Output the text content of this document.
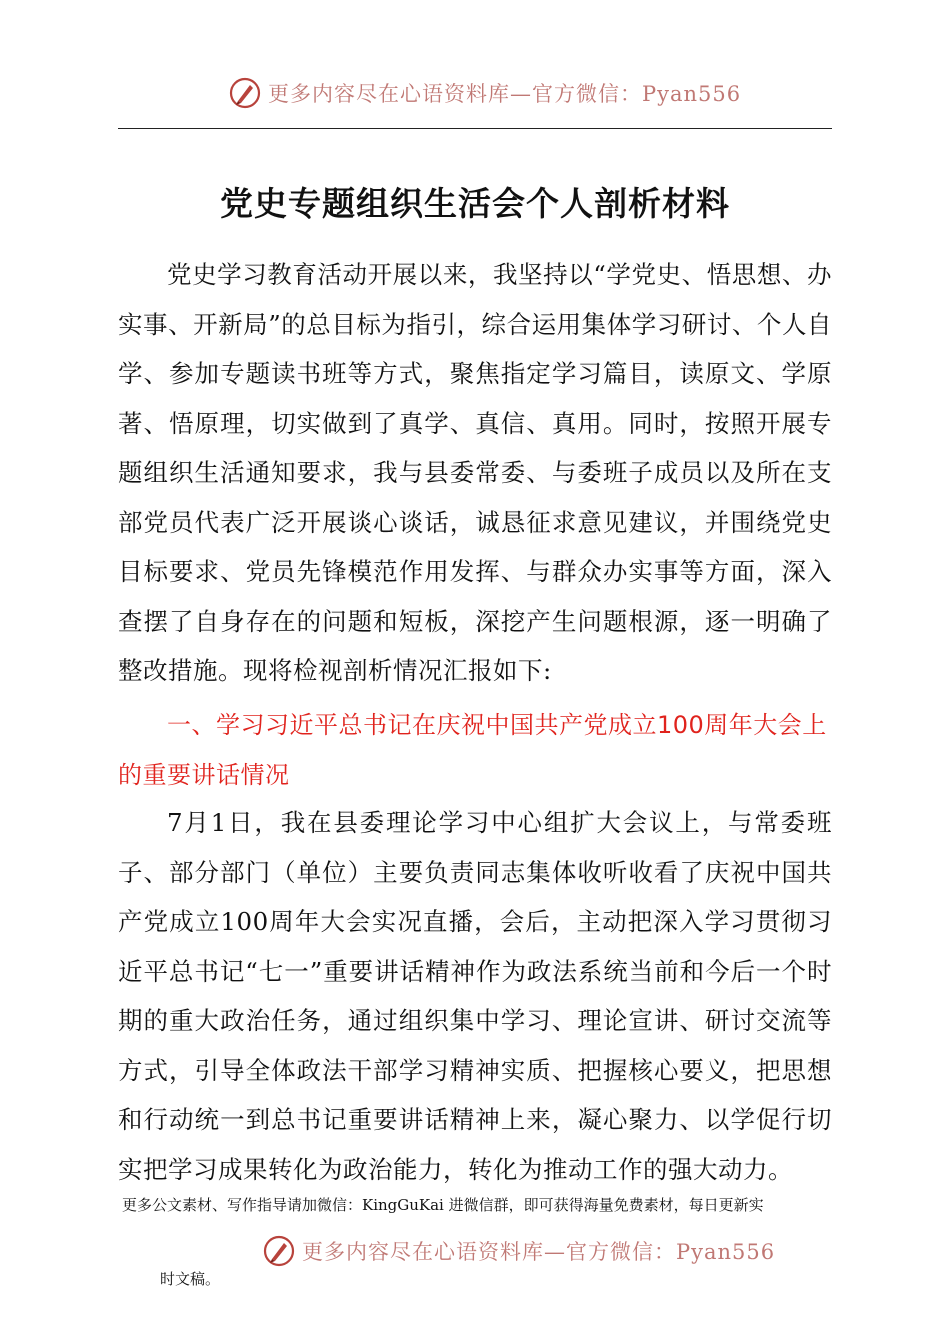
更多内容尽在心语资料库—官方微信：Pyan556
党史专题组织生活会个人剖析材料
党史学习教育活动开展以来，我坚持以“学党史、悟思想、办实事、开新局”的总目标为指引，综合运用集体学习研讨、个人自学、参加专题读书班等方式，聚焦指定学习篇目，读原文、学原著、悟原理，切实做到了真学、真信、真用。同时，按照开展专题组织生活通知要求，我与县委常委、与委班子成员以及所在支部党员代表广泛开展谈心谈话，诚恳征求意见建议，并围绕党史目标要求、党员先锋模范作用发挥、与群众办实事等方面，深入查摆了自身存在的问题和短板，深挖产生问题根源，逐一明确了整改措施。现将检视剖析情况汇报如下:
一、学习习近平总书记在庆祝中国共产党成立100周年大会上的重要讲话情况
7月1日，我在县委理论学习中心组扩大会议上，与常委班子、部分部门（单位）主要负责同志集体收听收看了庆祝中国共产党成立100周年大会实况直播，会后，主动把深入学习贯彻习近平总书记“七一”重要讲话精神作为政法系统当前和今后一个时期的重大政治任务，通过组织集中学习、理论宣讲、研讨交流等方式，引导全体政法干部学习精神实质、把握核心要义，把思想和行动统一到总书记重要讲话精神上来，凝心聚力、以学促行切实把学习成果转化为政治能力，转化为推动工作的强大动力。
更多公文素材、写作指导请加微信：KingGuKai 进微信群，即可获得海量免费素材，每日更新实
更多内容尽在心语资料库—官方微信：Pyan556
时文稿。
